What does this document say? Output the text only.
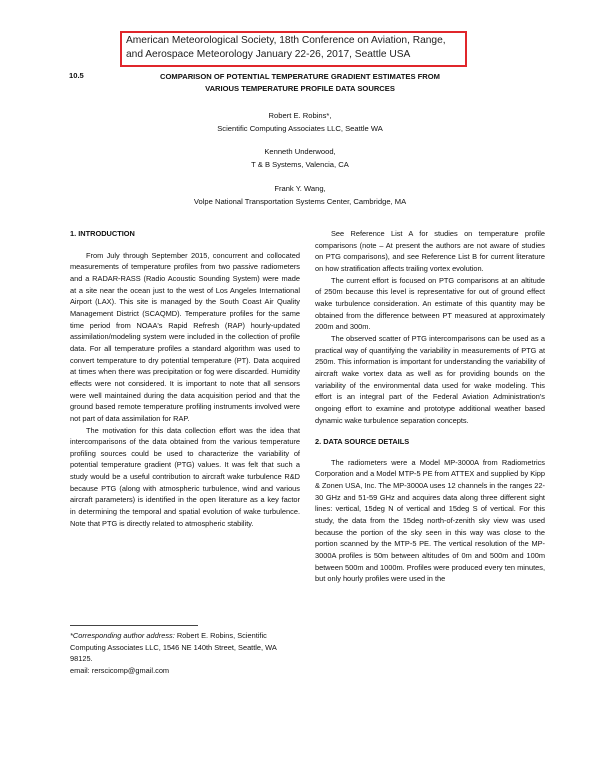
American Meteorological Society, 18th Conference on Aviation, Range, and Aerospace Meteorology January 22-26, 2017, Seattle USA
10.5	COMPARISON OF POTENTIAL TEMPERATURE GRADIENT ESTIMATES FROM
VARIOUS TEMPERATURE PROFILE DATA SOURCES
Robert E. Robins*,
Scientific Computing Associates LLC, Seattle WA
Kenneth Underwood,
T & B Systems, Valencia, CA
Frank Y. Wang,
Volpe National Transportation Systems Center, Cambridge, MA
1. INTRODUCTION

From July through September 2015, concurrent and collocated measurements of temperature profiles from two passive radiometers and a RADAR-RASS (Radio Acoustic Sounding System) were made at a site near the ocean just to the west of Los Angeles International Airport (LAX). This site is managed by the South Coast Air Quality Management District (SCAQMD). Temperature profiles for the same time period from NOAA's Rapid Refresh (RAP) hourly-updated assimilation/modeling system were included in the collection of profile data. For all temperature profiles a standard algorithm was used to convert temperature to dry potential temperature (PT). Data acquired at times when there was precipitation or fog were discarded. Humidity effects were not considered. It is important to note that all sensors were well maintained during the data acquisition period and that the ground based remote temperature profiling instruments involved were not part of data assimilation for RAP.

The motivation for this data collection effort was the idea that intercomparisons of the data obtained from the various temperature profiling sources could be used to characterize the variability of potential temperature gradient (PTG) values. It was felt that such a study would be a useful contribution to aircraft wake turbulence R&D because PTG (along with atmospheric turbulence, wind and various aircraft parameters) is identified in the open literature as a key factor in determining the temporal and spatial evolution of wake turbulence. Note that PTG is directly related to atmospheric stability.

See Reference List A for studies on temperature profile comparisons (note – At present the authors are not aware of studies on PTG comparisons), and see Reference List B for current literature on how stratification affects trailing vortex evolution.

The current effort is focused on PTG comparisons at an altitude of 250m because this level is representative for out of ground effect wake turbulence consideration. An estimate of this quantity may be obtained from the difference between PT measured at approximately 200m and 300m.

The observed scatter of PTG intercomparisons can be used as a practical way of quantifying the variability in measurements of PTG at 250m. This information is important for understanding the variability of aircraft wake vortex data as well as for providing bounds on the variability of the environmental data used for wake modeling. This effort is an integral part of the Federal Aviation Administration's ongoing effort to examine and prototype additional weather based dynamic wake turbulence separation concepts.

2. DATA SOURCE DETAILS

The radiometers were a Model MP-3000A from Radiometrics Corporation and a Model MTP-5 PE from ATTEX and supplied by Kipp & Zonen USA, Inc. The MP-3000A uses 12 channels in the ranges 22-30 GHz and 51-59 GHz and acquires data along three different sight lines: vertical, 15deg N of vertical and 15deg S of vertical. For this study, the data from the 15deg north-of-zenith sky view was used because the portion of the sky seen in this way was close to the portion scanned by the MTP-5 PE. The vertical resolution of the MP-3000A profiles is 50m between altitudes of 0m and 500m and 100m between 500m and 1000m. Profiles were produced every ten minutes, but only hourly profiles were used in the

*Corresponding author address: Robert E. Robins, Scientific Computing Associates LLC, 1546 NE 140th Street, Seattle, WA 98125.
email: rerscicomp@gmail.com
